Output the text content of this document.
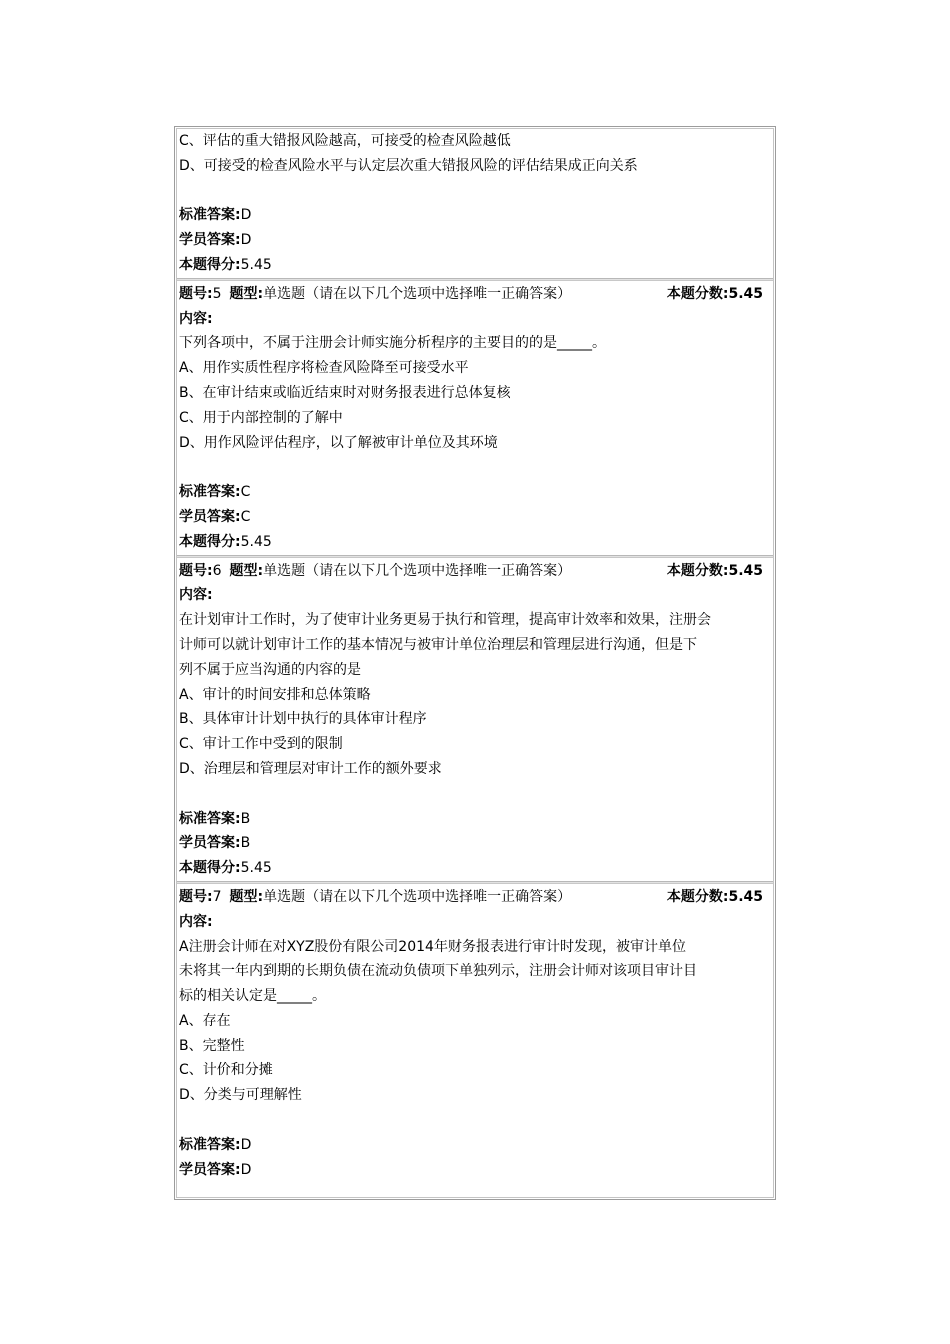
C、评估的重大错报风险越高，可接受的检查风险越低
D、可接受的检查风险水平与认定层次重大错报风险的评估结果成正向关系
标准答案:D
学员答案:D
本题得分:5.45
题号:5 题型:单选题（请在以下几个选项中选择唯一正确答案）	本题分数:5.45
内容:
下列各项中，不属于注册会计师实施分析程序的主要目的的是_____。
A、用作实质性程序将检查风险降至可接受水平
B、在审计结束或临近结束时对财务报表进行总体复核
C、用于内部控制的了解中
D、用作风险评估程序，以了解被审计单位及其环境
标准答案:C
学员答案:C
本题得分:5.45
题号:6 题型:单选题（请在以下几个选项中选择唯一正确答案）	本题分数:5.45
内容:
在计划审计工作时，为了使审计业务更易于执行和管理，提高审计效率和效果，注册会
计师可以就计划审计工作的基本情况与被审计单位治理层和管理层进行沟通，但是下
列不属于应当沟通的内容的是
A、审计的时间安排和总体策略
B、具体审计计划中执行的具体审计程序
C、审计工作中受到的限制
D、治理层和管理层对审计工作的额外要求
标准答案:B
学员答案:B
本题得分:5.45
题号:7 题型:单选题（请在以下几个选项中选择唯一正确答案）	本题分数:5.45
内容:
A注册会计师在对XYZ股份有限公司2014年财务报表进行审计时发现，被审计单位
未将其一年内到期的长期负债在流动负债项下单独列示，注册会计师对该项目审计目
标的相关认定是_____。
A、存在
B、完整性
C、计价和分摊
D、分类与可理解性
标准答案:D
学员答案:D
